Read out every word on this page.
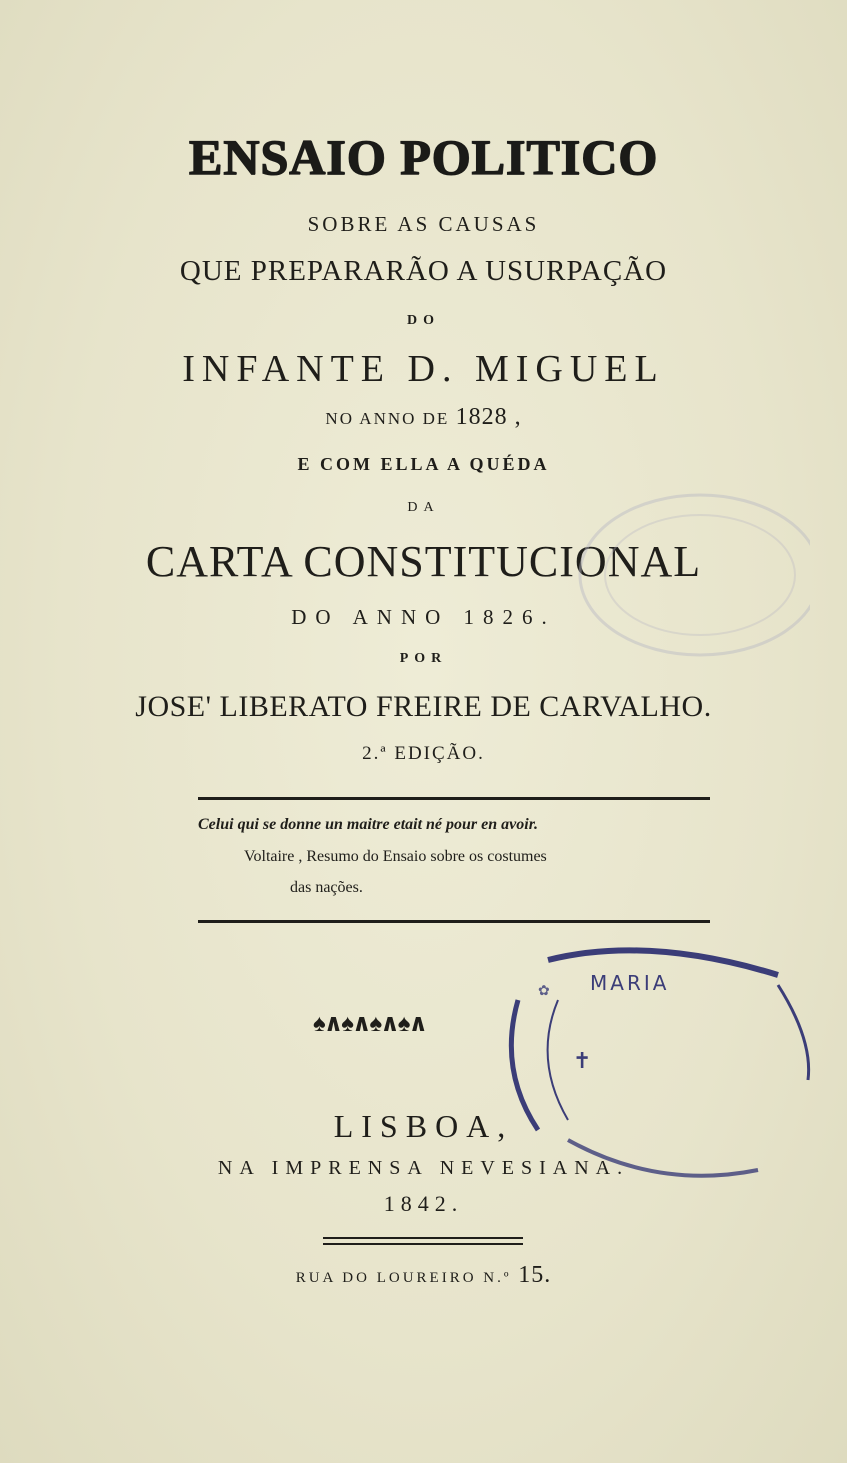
ENSAIO POLITICO
SOBRE AS CAUSAS
QUE PREPARARÃO A USURPAÇÃO
DO
INFANTE D. MIGUEL
NO ANNO DE 1828 ,
E COM ELLA A QUÉDA
DA
CARTA CONSTITUCIONAL
DO ANNO 1826.
POR
JOSE' LIBERATO FREIRE DE CARVALHO.
2.ª EDIÇÃO.
Celui qui se donne un maitre etait né pour en avoir.
Voltaire , Resumo do Ensaio sobre os costumes
das nações.
♠∧♠∧♠∧♠∧
LISBOA,
NA IMPRENSA NEVESIANA.
1842.
RUA DO LOUREIRO N.º 15.
MARIA
✝
✿
